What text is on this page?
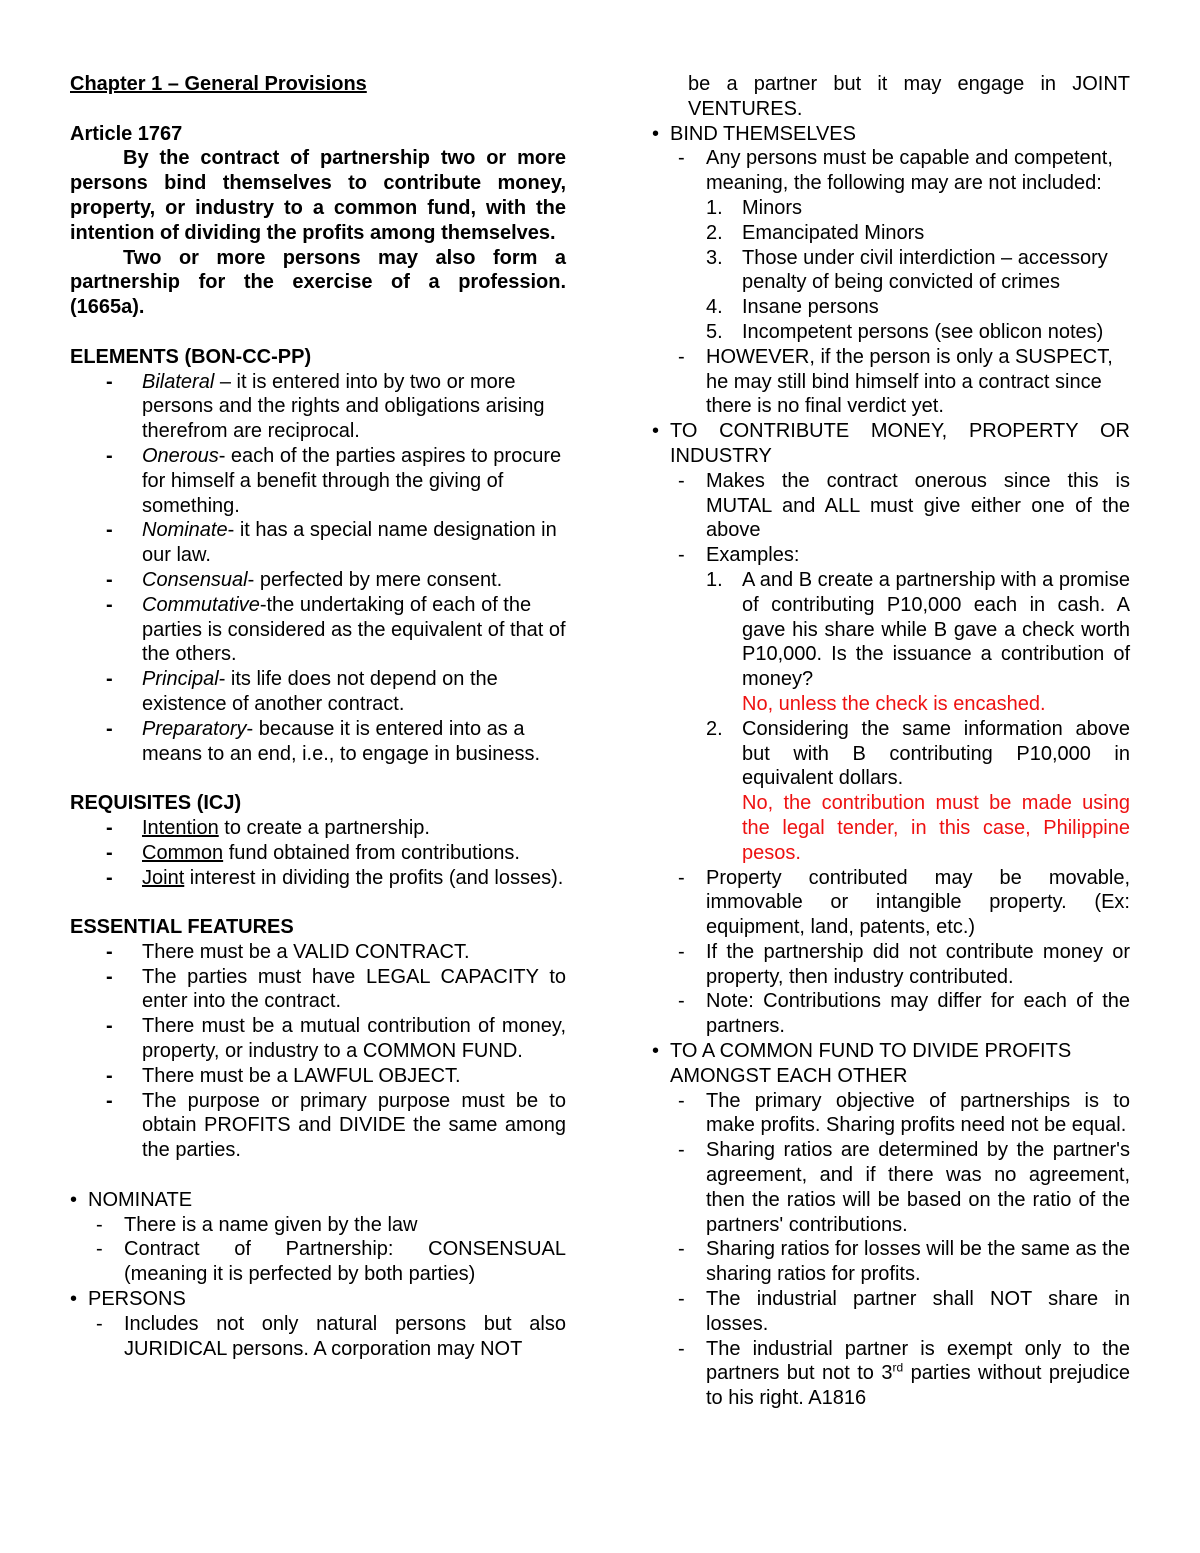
Chapter 1 – General Provisions

Article 1767

By the contract of partnership two or more persons bind themselves to contribute money, property, or industry to a common fund, with the intention of dividing the profits among themselves.

Two or more persons may also form a partnership for the exercise of a profession. (1665a).

ELEMENTS (BON-CC-PP)

- Bilateral – it is entered into by two or more persons and the rights and obligations arising therefrom are reciprocal.
- Onerous- each of the parties aspires to procure for himself a benefit through the giving of something.
- Nominate- it has a special name designation in our law.
- Consensual- perfected by mere consent.
- Commutative-the undertaking of each of the parties is considered as the equivalent of that of the others.
- Principal- its life does not depend on the existence of another contract.
- Preparatory- because it is entered into as a means to an end, i.e., to engage in business.

REQUISITES (ICJ)

- Intention to create a partnership.
- Common fund obtained from contributions.
- Joint interest in dividing the profits (and losses).

ESSENTIAL FEATURES

- There must be a VALID CONTRACT.
- The parties must have LEGAL CAPACITY to enter into the contract.
- There must be a mutual contribution of money, property, or industry to a COMMON FUND.
- There must be a LAWFUL OBJECT.
- The purpose or primary purpose must be to obtain PROFITS and DIVIDE the same among the parties.
• NOMINATE
- There is a name given by the law
- Contract of Partnership: CONSENSUAL (meaning it is perfected by both parties)
• PERSONS
- Includes not only natural persons but also JURIDICAL persons. A corporation may NOT

be a partner but it may engage in JOINT VENTURES.

• BIND THEMSELVES
- Any persons must be capable and competent, meaning, the following may are not included:
1. Minors
2. Emancipated Minors
3. Those under civil interdiction – accessory penalty of being convicted of crimes
4. Insane persons
5. Incompetent persons (see oblicon notes)
- HOWEVER, if the person is only a SUSPECT, he may still bind himself into a contract since there is no final verdict yet.
• TO CONTRIBUTE MONEY, PROPERTY OR INDUSTRY
- Makes the contract onerous since this is MUTAL and ALL must give either one of the above
- Examples:
1. A and B create a partnership with a promise of contributing P10,000 each in cash. A gave his share while B gave a check worth P10,000. Is the issuance a contribution of money?
No, unless the check is encashed.
2. Considering the same information above but with B contributing P10,000 in equivalent dollars.
No, the contribution must be made using the legal tender, in this case, Philippine pesos.
- Property contributed may be movable, immovable or intangible property. (Ex: equipment, land, patents, etc.)
- If the partnership did not contribute money or property, then industry contributed.
- Note: Contributions may differ for each of the partners.
• TO A COMMON FUND TO DIVIDE PROFITS AMONGST EACH OTHER
- The primary objective of partnerships is to make profits. Sharing profits need not be equal.
- Sharing ratios are determined by the partner's agreement, and if there was no agreement, then the ratios will be based on the ratio of the partners' contributions.
- Sharing ratios for losses will be the same as the sharing ratios for profits.
- The industrial partner shall NOT share in losses.
- The industrial partner is exempt only to the partners but not to 3rd parties without prejudice to his right. A1816
